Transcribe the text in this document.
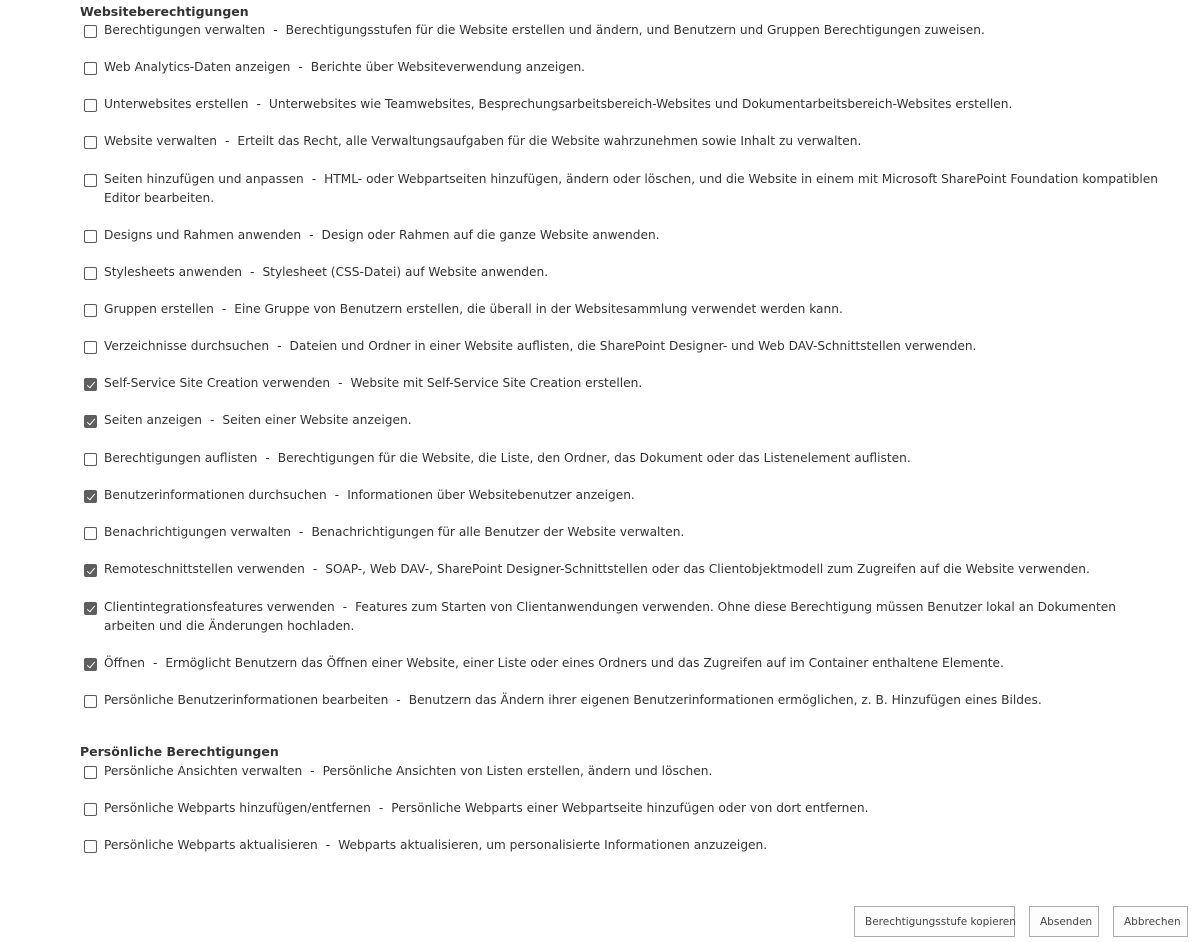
Websiteberechtigungen
Berechtigungen verwalten - Berechtigungsstufen für die Website erstellen und ändern, und Benutzern und Gruppen Berechtigungen zuweisen.
Web Analytics-Daten anzeigen - Berichte über Websiteverwendung anzeigen.
Unterwebsites erstellen - Unterwebsites wie Teamwebsites, Besprechungsarbeitsbereich-Websites und Dokumentarbeitsbereich-Websites erstellen.
Website verwalten - Erteilt das Recht, alle Verwaltungsaufgaben für die Website wahrzunehmen sowie Inhalt zu verwalten.
Seiten hinzufügen und anpassen - HTML- oder Webpartseiten hinzufügen, ändern oder löschen, und die Website in einem mit Microsoft SharePoint Foundation kompatiblen Editor bearbeiten.
Designs und Rahmen anwenden - Design oder Rahmen auf die ganze Website anwenden.
Stylesheets anwenden - Stylesheet (CSS-Datei) auf Website anwenden.
Gruppen erstellen - Eine Gruppe von Benutzern erstellen, die überall in der Websitesammlung verwendet werden kann.
Verzeichnisse durchsuchen - Dateien und Ordner in einer Website auflisten, die SharePoint Designer- und Web DAV-Schnittstellen verwenden.
Self-Service Site Creation verwenden - Website mit Self-Service Site Creation erstellen.
Seiten anzeigen - Seiten einer Website anzeigen.
Berechtigungen auflisten - Berechtigungen für die Website, die Liste, den Ordner, das Dokument oder das Listenelement auflisten.
Benutzerinformationen durchsuchen - Informationen über Websitebenutzer anzeigen.
Benachrichtigungen verwalten - Benachrichtigungen für alle Benutzer der Website verwalten.
Remoteschnittstellen verwenden - SOAP-, Web DAV-, SharePoint Designer-Schnittstellen oder das Clientobjektmodell zum Zugreifen auf die Website verwenden.
Clientintegrationsfeatures verwenden - Features zum Starten von Clientanwendungen verwenden. Ohne diese Berechtigung müssen Benutzer lokal an Dokumenten arbeiten und die Änderungen hochladen.
Öffnen - Ermöglicht Benutzern das Öffnen einer Website, einer Liste oder eines Ordners und das Zugreifen auf im Container enthaltene Elemente.
Persönliche Benutzerinformationen bearbeiten - Benutzern das Ändern ihrer eigenen Benutzerinformationen ermöglichen, z. B. Hinzufügen eines Bildes.
Persönliche Berechtigungen
Persönliche Ansichten verwalten - Persönliche Ansichten von Listen erstellen, ändern und löschen.
Persönliche Webparts hinzufügen/entfernen - Persönliche Webparts einer Webpartseite hinzufügen oder von dort entfernen.
Persönliche Webparts aktualisieren - Webparts aktualisieren, um personalisierte Informationen anzuzeigen.
Berechtigungsstufe kopieren	Absenden	Abbrechen
